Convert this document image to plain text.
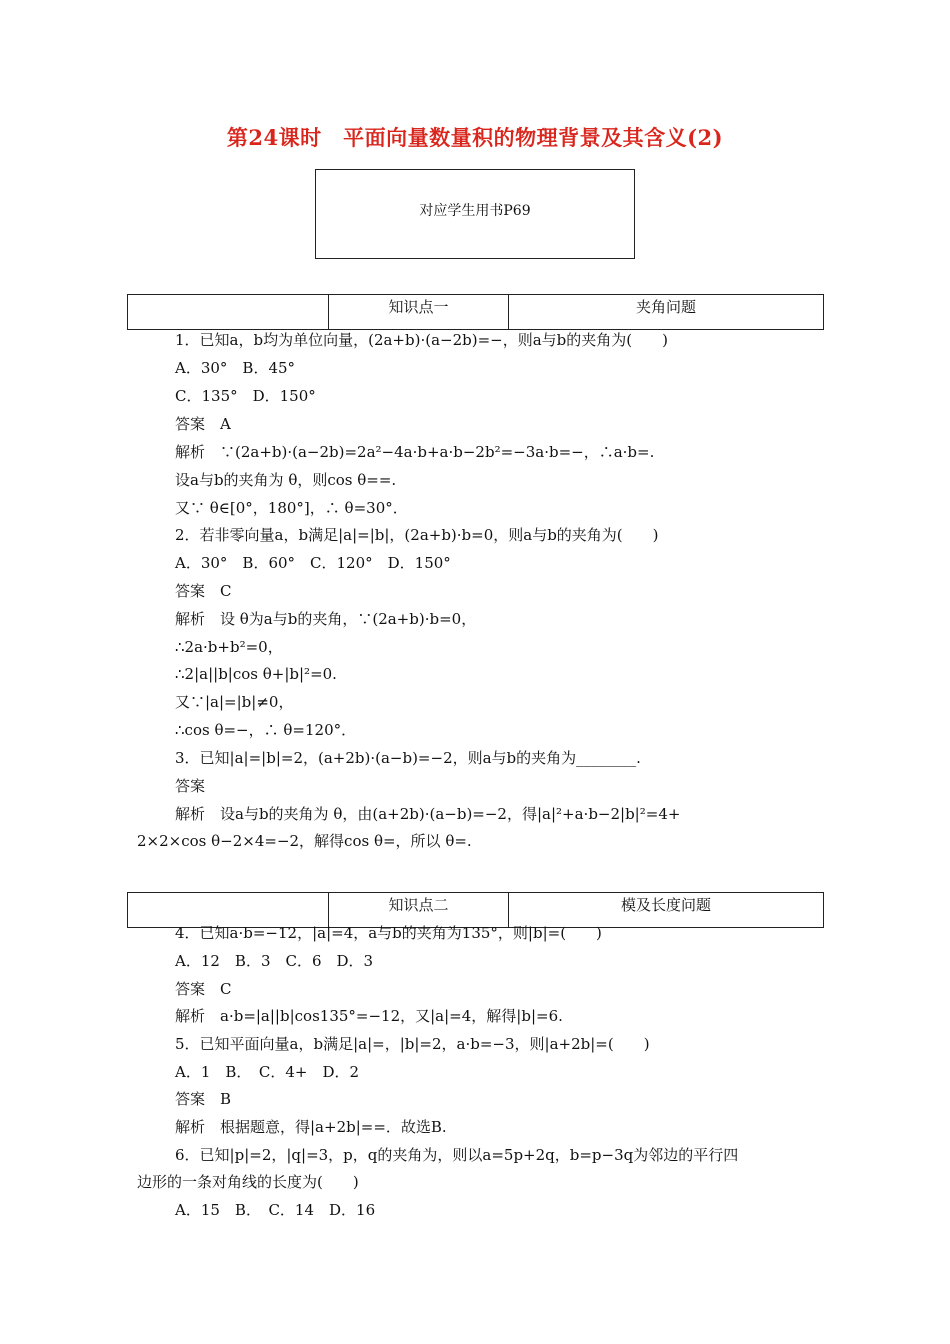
第24课时　平面向量数量积的物理背景及其含义(2)
对应学生用书P69
知识点一	夹角问题
1．已知a，b均为单位向量，(2a+b)·(a−2b)=−，则a与b的夹角为(　　)
A．30°　B．45°
C．135°　D．150°
答案　A
解析　∵(2a+b)·(a−2b)=2a²−4a·b+a·b−2b²=−3a·b=−，∴a·b=.
设a与b的夹角为 θ，则cos θ==.
又∵ θ∈[0°，180°]，∴ θ=30°．
2．若非零向量a，b满足|a|=|b|，(2a+b)·b=0，则a与b的夹角为(　　)
A．30°　B．60°　C．120°　D．150°
答案　C
解析　设 θ为a与b的夹角，∵(2a+b)·b=0，
∴2a·b+b²=0，
∴2|a||b|cos θ+|b|²=0.
又∵|a|=|b|≠0，
∴cos θ=−，∴ θ=120°．
3．已知|a|=|b|=2，(a+2b)·(a−b)=−2，则a与b的夹角为________.
答案
解析　设a与b的夹角为 θ，由(a+2b)·(a−b)=−2，得|a|²+a·b−2|b|²=4+
2×2×cos θ−2×4=−2，解得cos θ=，所以 θ=.
知识点二	模及长度问题
4．已知a·b=−12，|a|=4，a与b的夹角为135°，则|b|=(　　)
A．12　B．3　C．6　D．3
答案　C
解析　a·b=|a||b|cos135°=−12，又|a|=4，解得|b|=6.
5．已知平面向量a，b满足|a|=，|b|=2，a·b=−3，则|a+2b|=(　　)
A．1　B．　C．4+　D．2
答案　B
解析　根据题意，得|a+2b|==．故选B.
6．已知|p|=2，|q|=3，p，q的夹角为，则以a=5p+2q，b=p−3q为邻边的平行四
边形的一条对角线的长度为(　　)
A．15　B．　C．14　D．16
